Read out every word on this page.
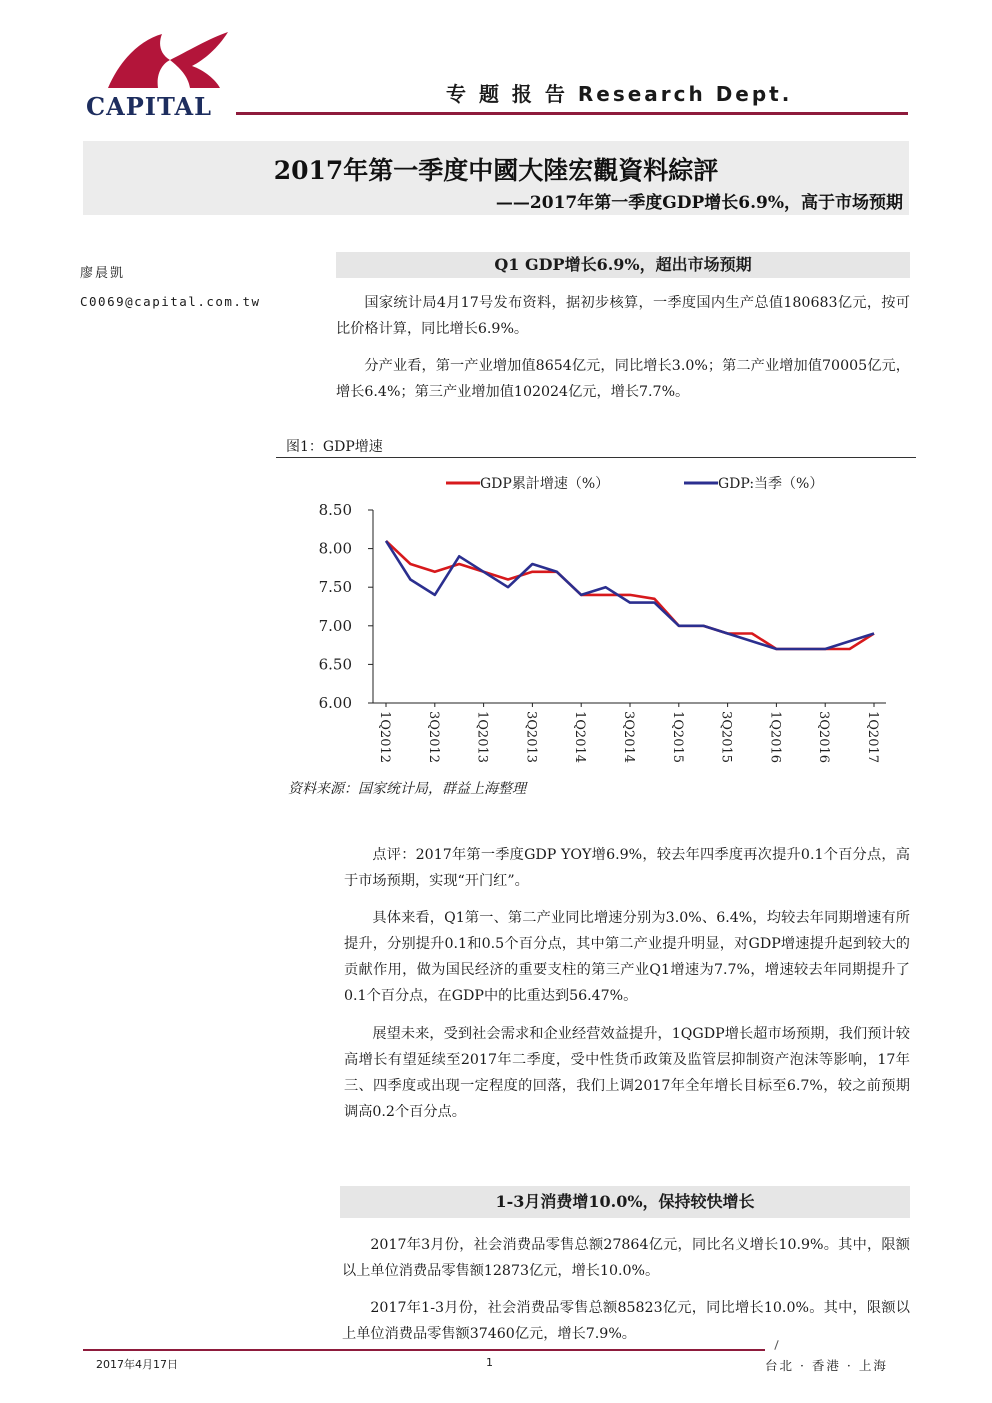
CAPITAL	专 题 报 告 Research Dept.
2017年第一季度中國大陸宏觀資料綜評
——2017年第一季度GDP增长6.9%，高于市场预期
廖晨凱
C0069@capital.com.tw
Q1 GDP增长6.9%，超出市场预期

国家统计局4月17号发布资料，据初步核算，一季度国内生产总值180683亿元，按可比价格计算，同比增长6.9%。

分产业看，第一产业增加值8654亿元，同比增长3.0%；第二产业增加值70005亿元，增长6.4%；第三产业增加值102024亿元，增长7.7%。

图1：GDP增速
GDP累計增速（%）	GDP:当季（%）
8.50
8.00
7.50
7.00
6.50
6.00
1Q2012	3Q2012	1Q2013	3Q2013	1Q2014	3Q2014	1Q2015	3Q2015	1Q2016	3Q2016	1Q2017
资料来源：国家统计局，群益上海整理

点评：2017年第一季度GDP YOY增6.9%，较去年四季度再次提升0.1个百分点，高于市场预期，实现“开门红”。

具体来看，Q1第一、第二产业同比增速分别为3.0%、6.4%，均较去年同期增速有所提升，分别提升0.1和0.5个百分点，其中第二产业提升明显，对GDP增速提升起到较大的贡献作用，做为国民经济的重要支柱的第三产业Q1增速为7.7%，增速较去年同期提升了0.1个百分点，在GDP中的比重达到56.47%。

展望未来，受到社会需求和企业经营效益提升，1QGDP增长超市场预期，我们预计较高增长有望延续至2017年二季度，受中性货币政策及监管层抑制资产泡沫等影响，17年三、四季度或出现一定程度的回落，我们上调2017年全年增长目标至6.7%，较之前预期调高0.2个百分点。

1-3月消费增10.0%，保持较快增长

2017年3月份，社会消费品零售总额27864亿元，同比名义增长10.9%。其中，限额以上单位消费品零售额12873亿元，增长10.0%。

2017年1-3月份，社会消费品零售总额85823亿元，同比增长10.0%。其中，限额以上单位消费品零售额37460亿元，增长7.9%。

2017年4月17日	1	台北 · 香港 · 上海
